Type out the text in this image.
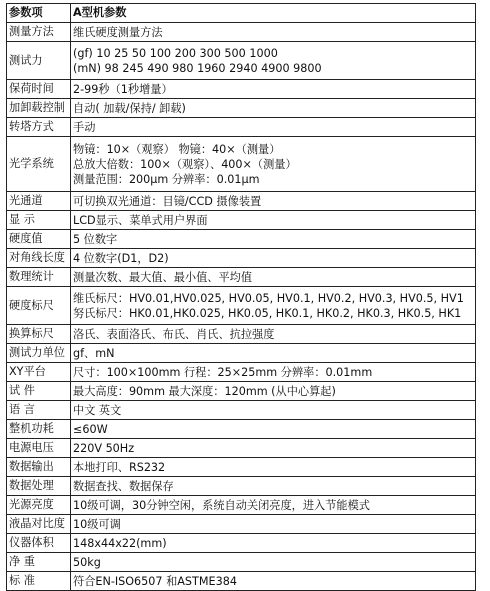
参数项	A型机参数
测量方法	维氏硬度测量方法

测试力	(gf) 10 25 50 100 200 300 500 1000
(mN) 98 245 490 980 1960 2940 4900 9800

保荷时间	2-99秒（1秒增量）

加卸载控制	自动( 加载/保持/ 卸载)

转塔方式	手动

光学系统	物镜：10×（观察） 物镜：40×（测量）
总放大倍数：100×（观察）、400×（测量）
测量范围：200μm 分辨率：0.01μm

光通道	可切换双光通道：目镜/CCD 摄像装置

显 示	LCD显示、菜单式用户界面

硬度值	5 位数字

对角线长度	4 位数字(D1，D2)

数理统计	测量次数、最大值、最小值、平均值

硬度标尺	维氏标尺：HV0.01,HV0.025, HV0.05, HV0.1, HV0.2, HV0.3, HV0.5, HV1
努氏标尺：HK0.01,HK0.025, HK0.05, HK0.1, HK0.2, HK0.3, HK0.5, HK1

换算标尺	洛氏、表面洛氏、布氏、肖氏、抗拉强度

测试力单位	gf、mN

XY平台	尺寸：100×100mm 行程：25×25mm 分辨率：0.01mm

试 件	最大高度：90mm 最大深度：120mm (从中心算起)

语 言	中文 英文

整机功耗	≤60W

电源电压	220V 50Hz

数据输出	本地打印、RS232

数据处理	数据查找、数据保存

光源亮度	10级可调，30分钟空闲，系统自动关闭亮度，进入节能模式

液晶对比度	10级可调

仪器体积	148x44x22(mm)

净 重	50kg

标 准	符合EN-ISO6507 和ASTME384
